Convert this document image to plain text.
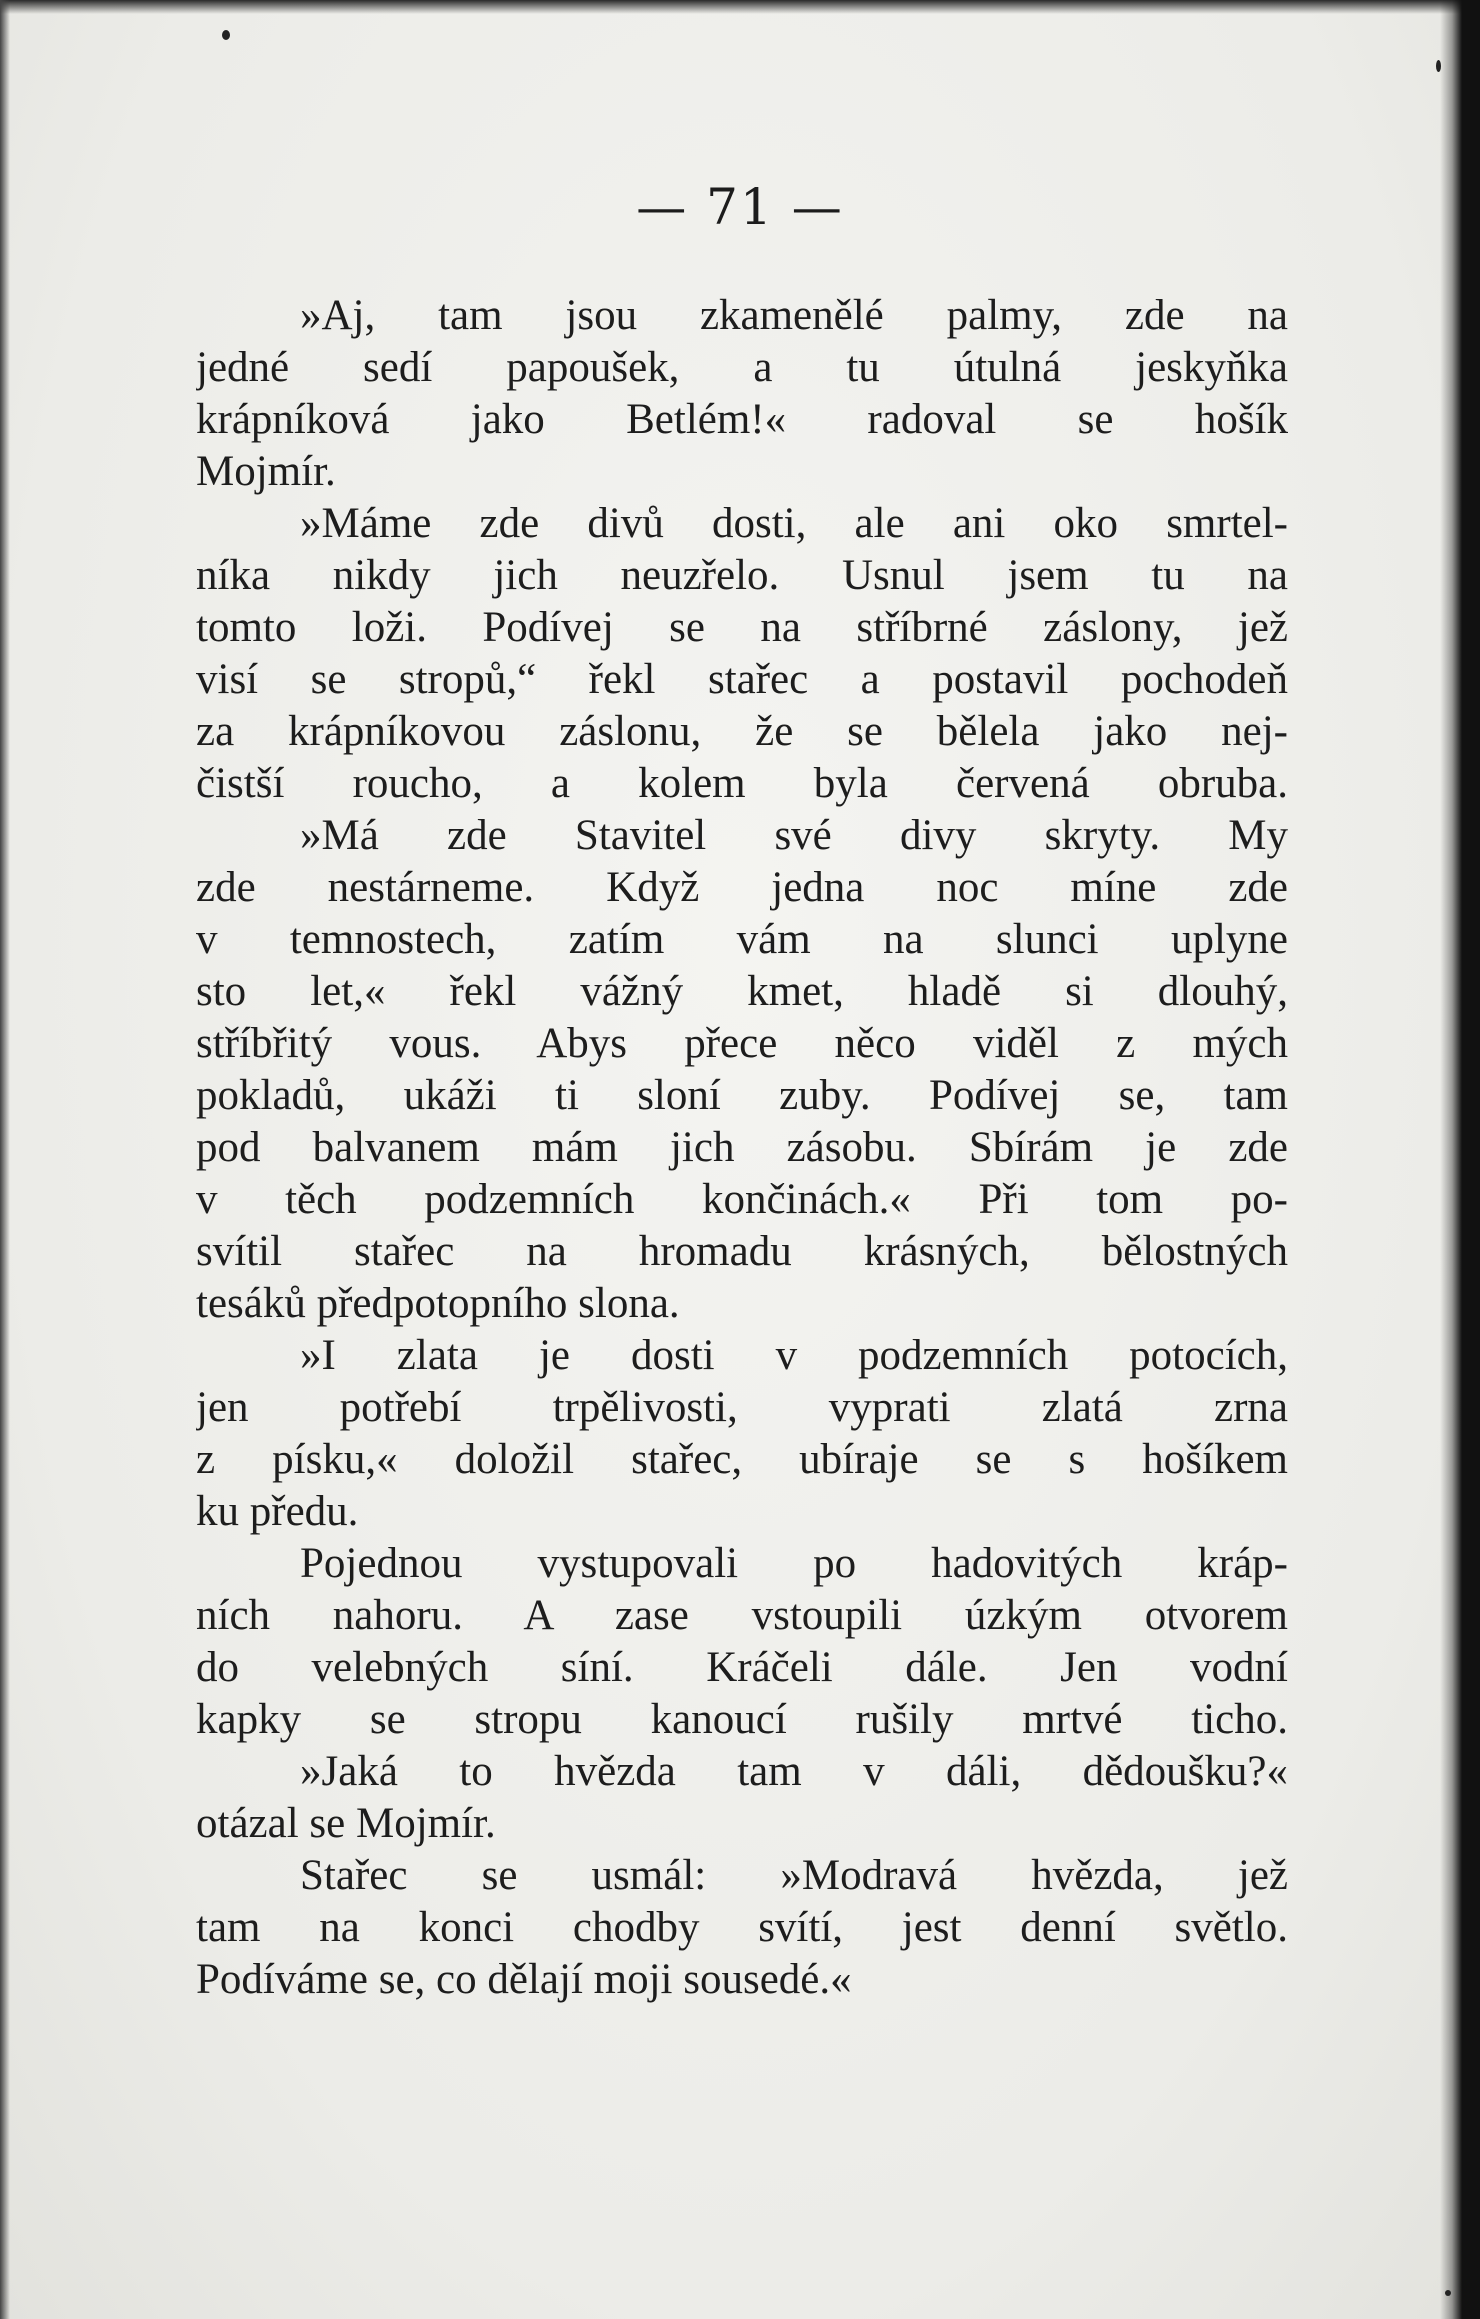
— 71 —
»Aj, tam jsou zkamenělé palmy, zde na
jedné sedí papoušek, a tu útulná jeskyňka
krápníková jako Betlém!« radoval se hošík
Mojmír.
»Máme zde divů dosti, ale ani oko smrtel-
níka nikdy jich neuzřelo. Usnul jsem tu na
tomto loži. Podívej se na stříbrné záslony, jež
visí se stropů,“ řekl stařec a postavil pochodeň
za krápníkovou záslonu, že se bělela jako nej-
čistší roucho, a kolem byla červená obruba.
»Má zde Stavitel své divy skryty. My
zde nestárneme. Když jedna noc míne zde
v temnostech, zatím vám na slunci uplyne
sto let,« řekl vážný kmet, hladě si dlouhý,
stříbřitý vous. Abys přece něco viděl z mých
pokladů, ukáži ti sloní zuby. Podívej se, tam
pod balvanem mám jich zásobu. Sbírám je zde
v těch podzemních končinách.« Při tom po-
svítil stařec na hromadu krásných, bělostných
tesáků předpotopního slona.
»I zlata je dosti v podzemních potocích,
jen potřebí trpělivosti, vyprati zlatá zrna
z písku,« doložil stařec, ubíraje se s hošíkem
ku předu.
Pojednou vystupovali po hadovitých kráp-
ních nahoru. A zase vstoupili úzkým otvorem
do velebných síní. Kráčeli dále. Jen vodní
kapky se stropu kanoucí rušily mrtvé ticho.
»Jaká to hvězda tam v dáli, dědoušku?«
otázal se Mojmír.
Stařec se usmál: »Modravá hvězda, jež
tam na konci chodby svítí, jest denní světlo.
Podíváme se, co dělají moji sousedé.«
